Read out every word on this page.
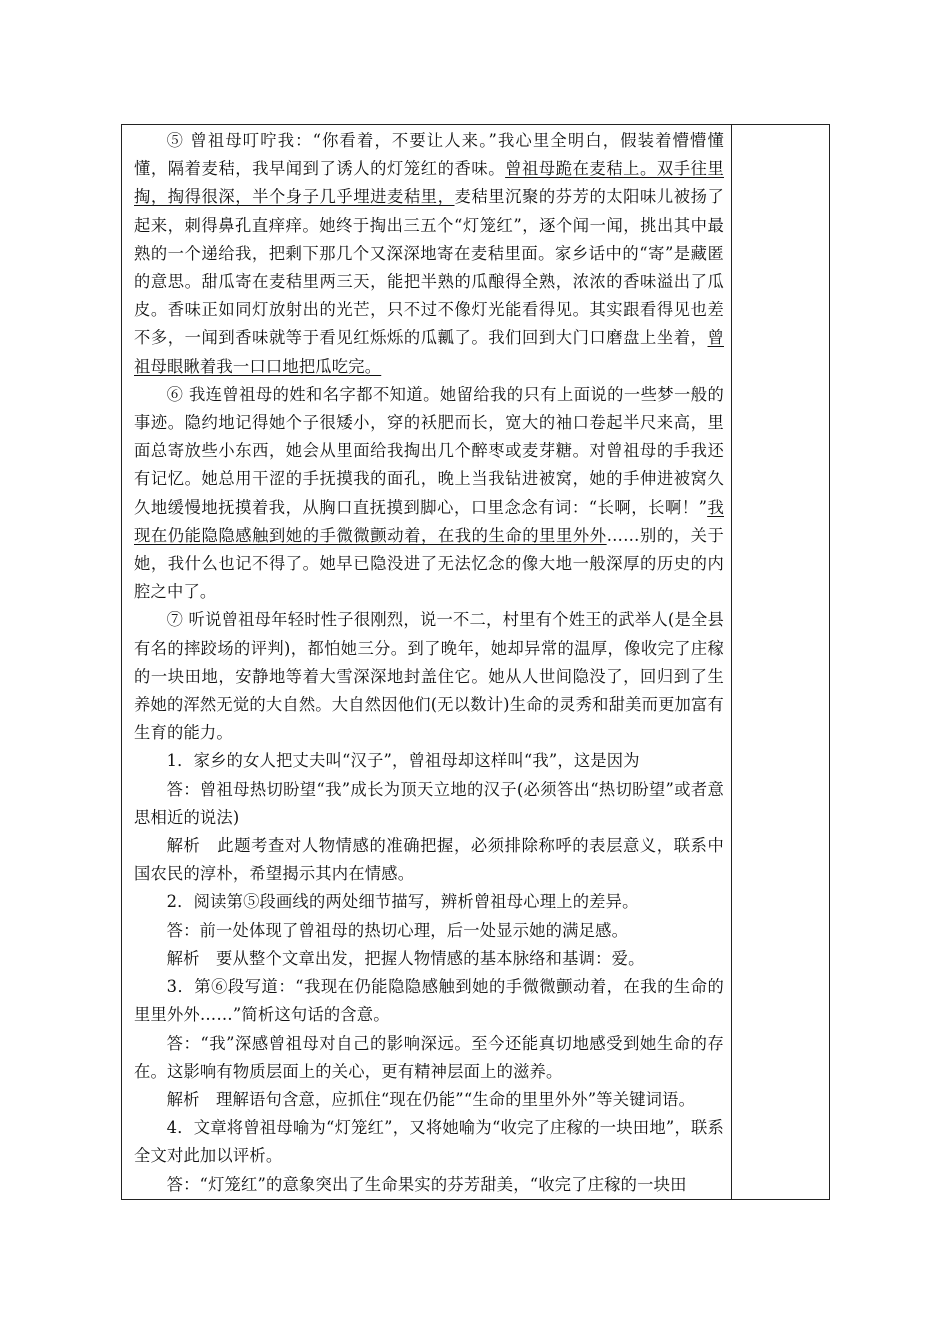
⑤ 曾祖母叮咛我：“你看着，不要让人来。”我心里全明白，假装着懵懵懂懂，隔着麦秸，我早闻到了诱人的灯笼红的香味。曾祖母跪在麦秸上。双手往里掏，掏得很深，半个身子几乎埋进麦秸里，麦秸里沉聚的芬芳的太阳味儿被扬了起来，刺得鼻孔直痒痒。她终于掏出三五个“灯笼红”，逐个闻一闻，挑出其中最熟的一个递给我，把剩下那几个又深深地寄在麦秸里面。家乡话中的“寄”是藏匿的意思。甜瓜寄在麦秸里两三天，能把半熟的瓜酿得全熟，浓浓的香味溢出了瓜皮。香味正如同灯放射出的光芒，只不过不像灯光能看得见。其实跟看得见也差不多，一闻到香味就等于看见红烁烁的瓜瓤了。我们回到大门口磨盘上坐着，曾祖母眼瞅着我一口口地把瓜吃完。

⑥ 我连曾祖母的姓和名字都不知道。她留给我的只有上面说的一些梦一般的事迹。隐约地记得她个子很矮小，穿的袄肥而长，宽大的袖口卷起半尺来高，里面总寄放些小东西，她会从里面给我掏出几个醉枣或麦芽糖。对曾祖母的手我还有记忆。她总用干涩的手抚摸我的面孔，晚上当我钻进被窝，她的手伸进被窝久久地缓慢地抚摸着我，从胸口直抚摸到脚心，口里念念有词：“长啊，长啊！”我现在仍能隐隐感触到她的手微微颤动着，在我的生命的里里外外……别的，关于她，我什么也记不得了。她早已隐没进了无法忆念的像大地一般深厚的历史的内腔之中了。

⑦ 听说曾祖母年轻时性子很刚烈，说一不二，村里有个姓王的武举人(是全县有名的摔跤场的评判)，都怕她三分。到了晚年，她却异常的温厚，像收完了庄稼的一块田地，安静地等着大雪深深地封盖住它。她从人世间隐没了，回归到了生养她的浑然无觉的大自然。大自然因他们(无以数计)生命的灵秀和甜美而更加富有生育的能力。

1．家乡的女人把丈夫叫“汉子”，曾祖母却这样叫“我”，这是因为

答：曾祖母热切盼望“我”成长为顶天立地的汉子(必须答出“热切盼望”或者意思相近的说法)

解析　此题考查对人物情感的准确把握，必须排除称呼的表层意义，联系中国农民的淳朴，希望揭示其内在情感。

2．阅读第⑤段画线的两处细节描写，辨析曾祖母心理上的差异。

答：前一处体现了曾祖母的热切心理，后一处显示她的满足感。

解析　要从整个文章出发，把握人物情感的基本脉络和基调：爱。

3．第⑥段写道：“我现在仍能隐隐感触到她的手微微颤动着，在我的生命的里里外外……”简析这句话的含意。

答：“我”深感曾祖母对自己的影响深远。至今还能真切地感受到她生命的存在。这影响有物质层面上的关心，更有精神层面上的滋养。

解析　理解语句含意，应抓住“现在仍能”“生命的里里外外”等关键词语。

4．文章将曾祖母喻为“灯笼红”，又将她喻为“收完了庄稼的一块田地”，联系全文对此加以评析。

答：“灯笼红”的意象突出了生命果实的芬芳甜美，“收完了庄稼的一块田
